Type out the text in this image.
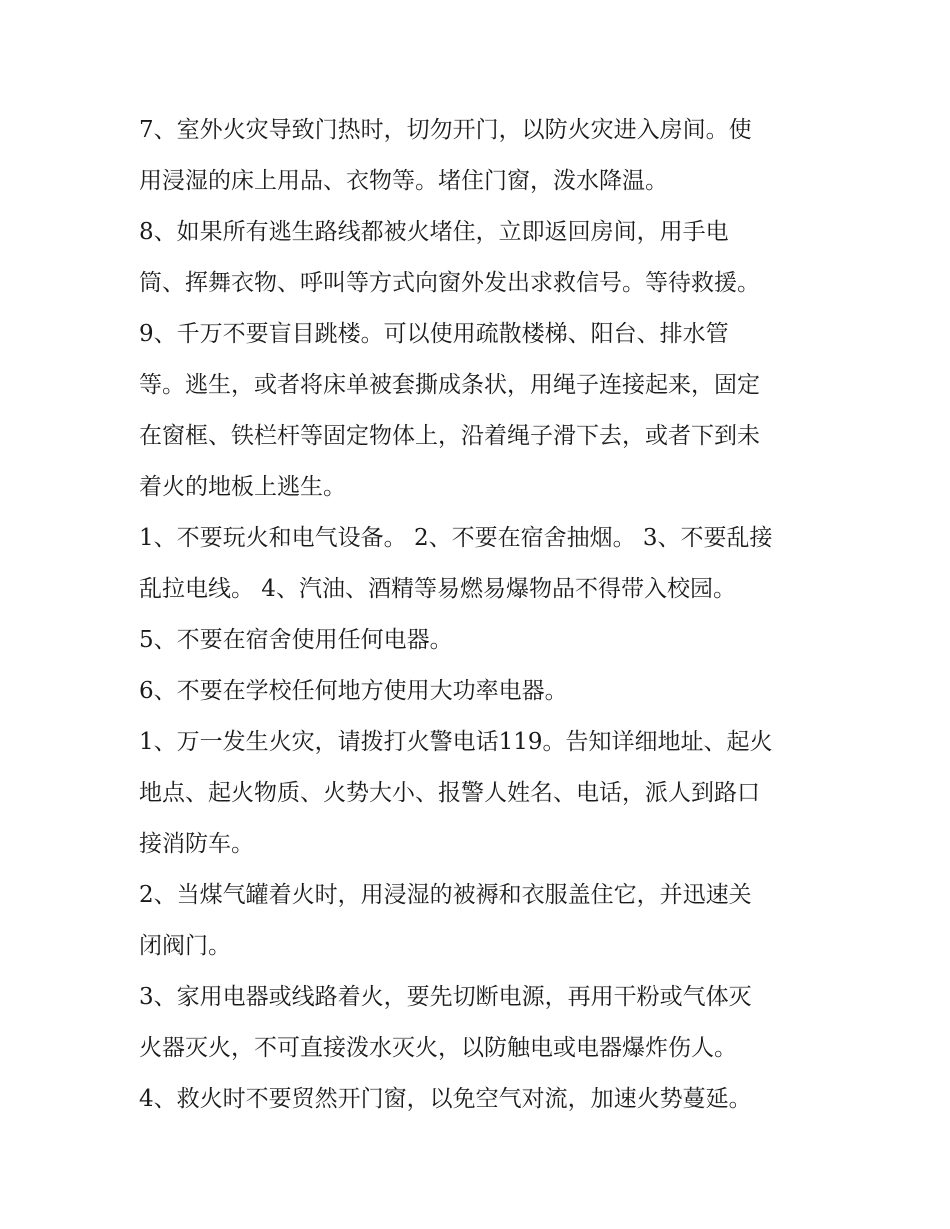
7、室外火灾导致门热时，切勿开门，以防火灾进入房间。使
用浸湿的床上用品、衣物等。堵住门窗，泼水降温。
8、如果所有逃生路线都被火堵住，立即返回房间，用手电
筒、挥舞衣物、呼叫等方式向窗外发出求救信号。等待救援。
9、千万不要盲目跳楼。可以使用疏散楼梯、阳台、排水管
等。逃生，或者将床单被套撕成条状，用绳子连接起来，固定
在窗框、铁栏杆等固定物体上，沿着绳子滑下去，或者下到未
着火的地板上逃生。
1、不要玩火和电气设备。 2、不要在宿舍抽烟。 3、不要乱接
乱拉电线。 4、汽油、酒精等易燃易爆物品不得带入校园。
5、不要在宿舍使用任何电器。
6、不要在学校任何地方使用大功率电器。
1、万一发生火灾，请拨打火警电话119。告知详细地址、起火
地点、起火物质、火势大小、报警人姓名、电话，派人到路口
接消防车。
2、当煤气罐着火时，用浸湿的被褥和衣服盖住它，并迅速关
闭阀门。
3、家用电器或线路着火，要先切断电源，再用干粉或气体灭
火器灭火，不可直接泼水灭火，以防触电或电器爆炸伤人。
4、救火时不要贸然开门窗，以免空气对流，加速火势蔓延。
